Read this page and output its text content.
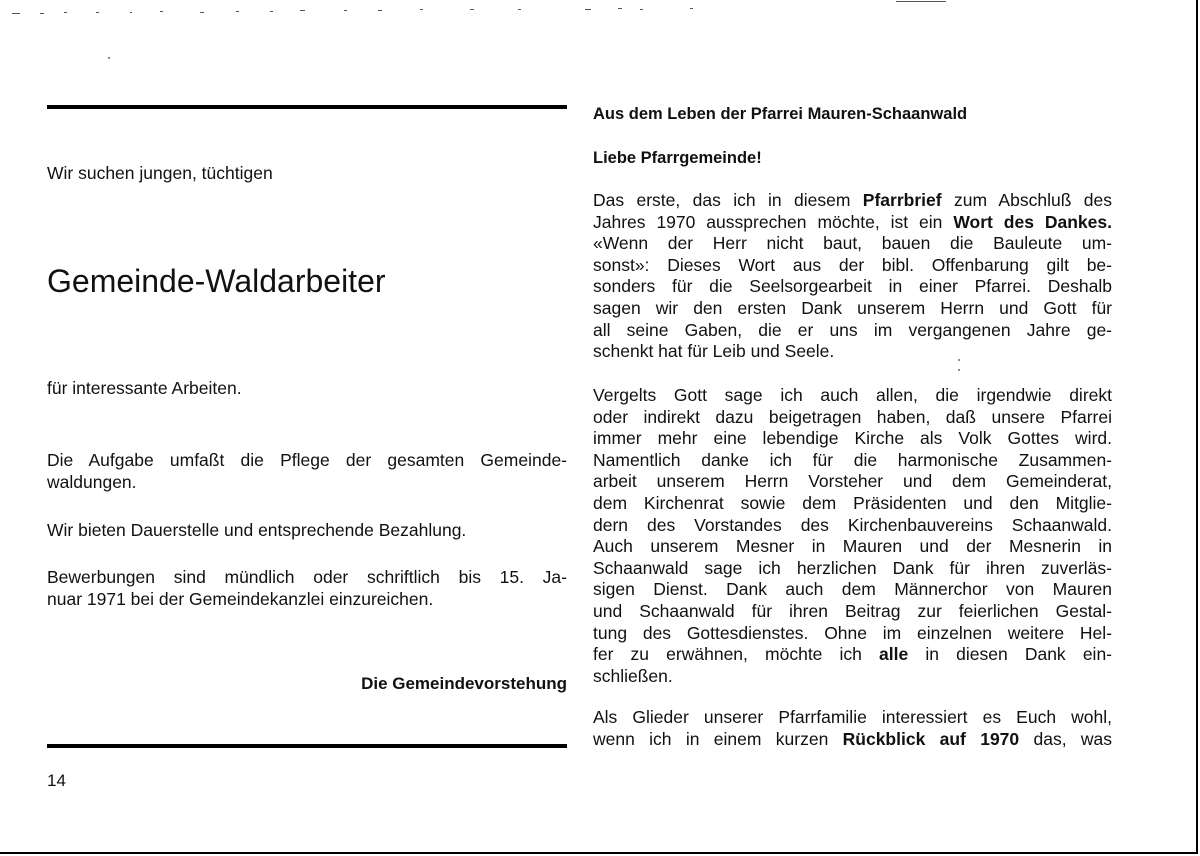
Wir suchen jungen, tüchtigen

Gemeinde-Waldarbeiter

für interessante Arbeiten.

Die Aufgabe umfaßt die Pflege der gesamten Gemeinde-
waldungen.

Wir bieten Dauerstelle und entsprechende Bezahlung.

Bewerbungen sind mündlich oder schriftlich bis 15. Ja-
nuar 1971 bei der Gemeindekanzlei einzureichen.

Die Gemeindevorstehung

14

Aus dem Leben der Pfarrei Mauren-Schaanwald

Liebe Pfarrgemeinde!

Das erste, das ich in diesem Pfarrbrief zum Abschluß des
Jahres 1970 aussprechen möchte, ist ein Wort des Dankes.
«Wenn der Herr nicht baut, bauen die Bauleute um-
sonst»: Dieses Wort aus der bibl. Offenbarung gilt be-
sonders für die Seelsorgearbeit in einer Pfarrei. Deshalb
sagen wir den ersten Dank unserem Herrn und Gott für
all seine Gaben, die er uns im vergangenen Jahre ge-
schenkt hat für Leib und Seele.
Vergelts Gott sage ich auch allen, die irgendwie direkt
oder indirekt dazu beigetragen haben, daß unsere Pfarrei
immer mehr eine lebendige Kirche als Volk Gottes wird.
Namentlich danke ich für die harmonische Zusammen-
arbeit unserem Herrn Vorsteher und dem Gemeinderat,
dem Kirchenrat sowie dem Präsidenten und den Mitglie-
dern des Vorstandes des Kirchenbauvereins Schaanwald.
Auch unserem Mesner in Mauren und der Mesnerin in
Schaanwald sage ich herzlichen Dank für ihren zuverläs-
sigen Dienst. Dank auch dem Männerchor von Mauren
und Schaanwald für ihren Beitrag zur feierlichen Gestal-
tung des Gottesdienstes. Ohne im einzelnen weitere Hel-
fer zu erwähnen, möchte ich alle in diesen Dank ein-
schließen.
Als Glieder unserer Pfarrfamilie interessiert es Euch wohl,
wenn ich in einem kurzen Rückblick auf 1970 das, was
